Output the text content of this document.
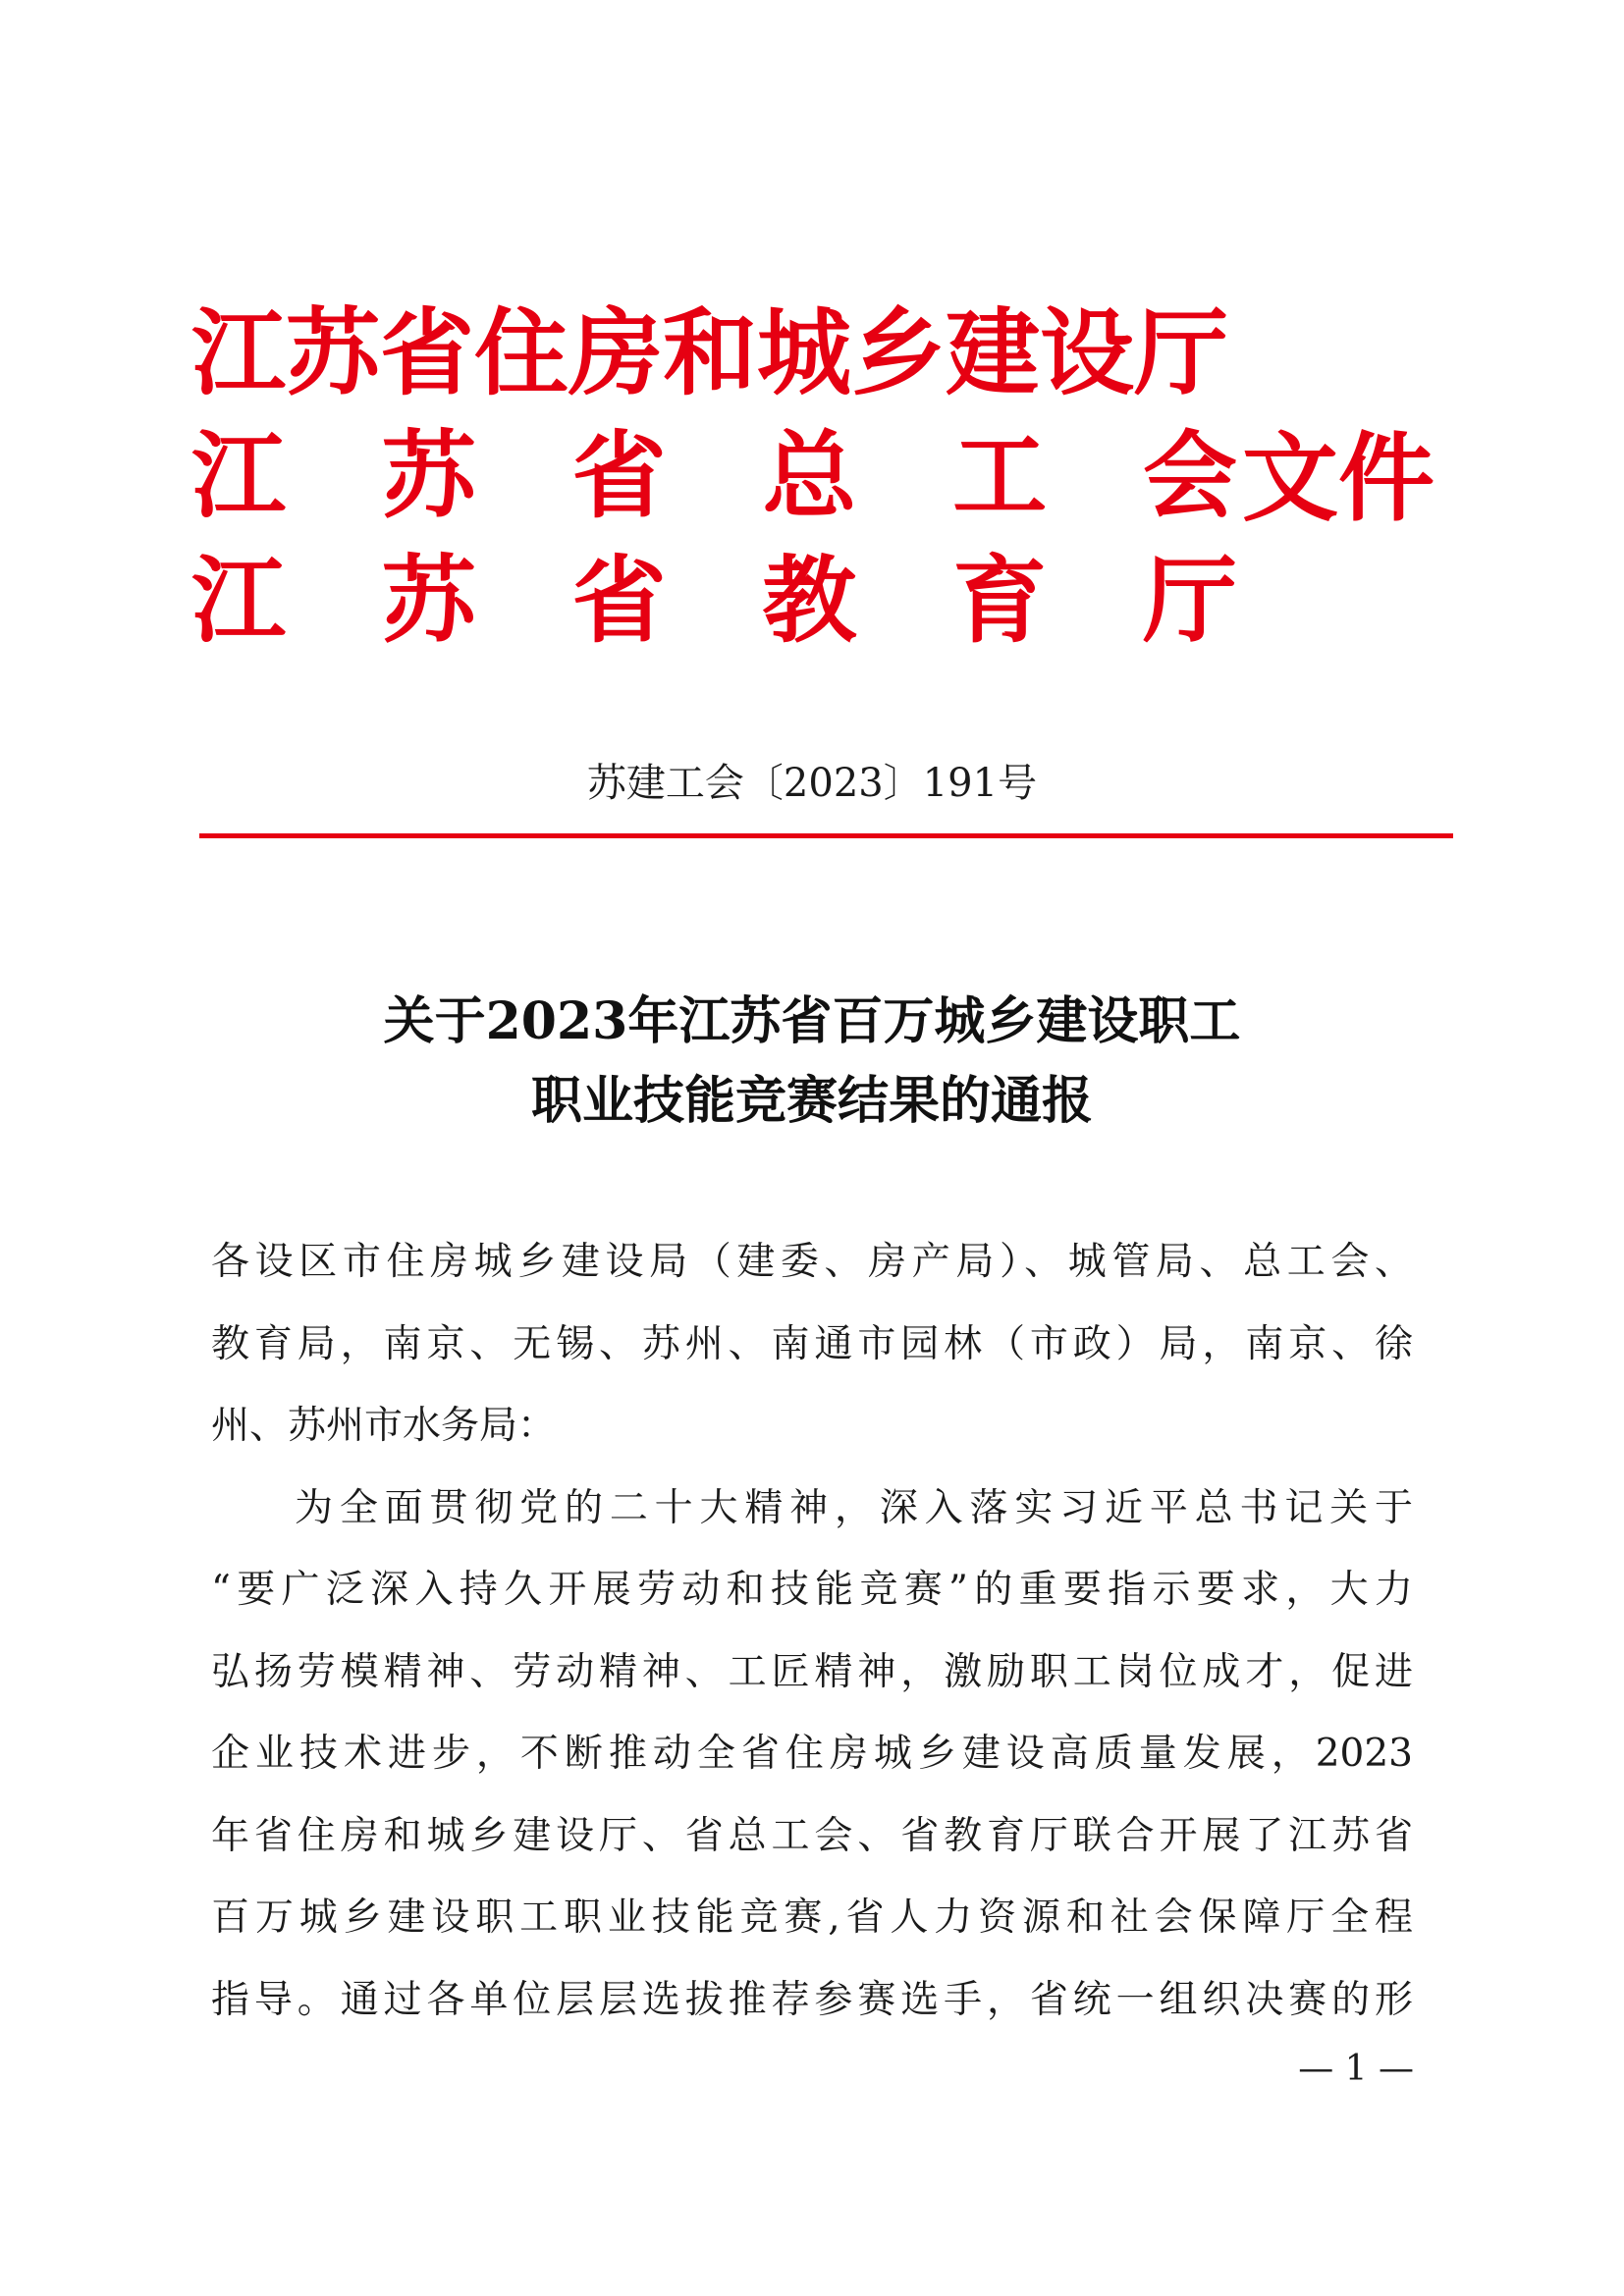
江苏省住房和城乡建设厅
江 苏 省 总 工 会 文件
江 苏 省 教 育 厅
苏建工会〔2023〕191号
关于2023年江苏省百万城乡建设职工
职业技能竞赛结果的通报
各设区市住房城乡建设局（建委、房产局）、城管局、总工会、
教育局，南京、无锡、苏州、南通市园林（市政）局，南京、徐
州、苏州市水务局：
为全面贯彻党的二十大精神，深入落实习近平总书记关于
“要广泛深入持久开展劳动和技能竞赛”的重要指示要求，大力
弘扬劳模精神、劳动精神、工匠精神，激励职工岗位成才，促进
企业技术进步，不断推动全省住房城乡建设高质量发展，2023
年省住房和城乡建设厅、省总工会、省教育厅联合开展了江苏省
百万城乡建设职工职业技能竞赛,省人力资源和社会保障厅全程
指导。通过各单位层层选拔推荐参赛选手，省统一组织决赛的形
— 1 —
